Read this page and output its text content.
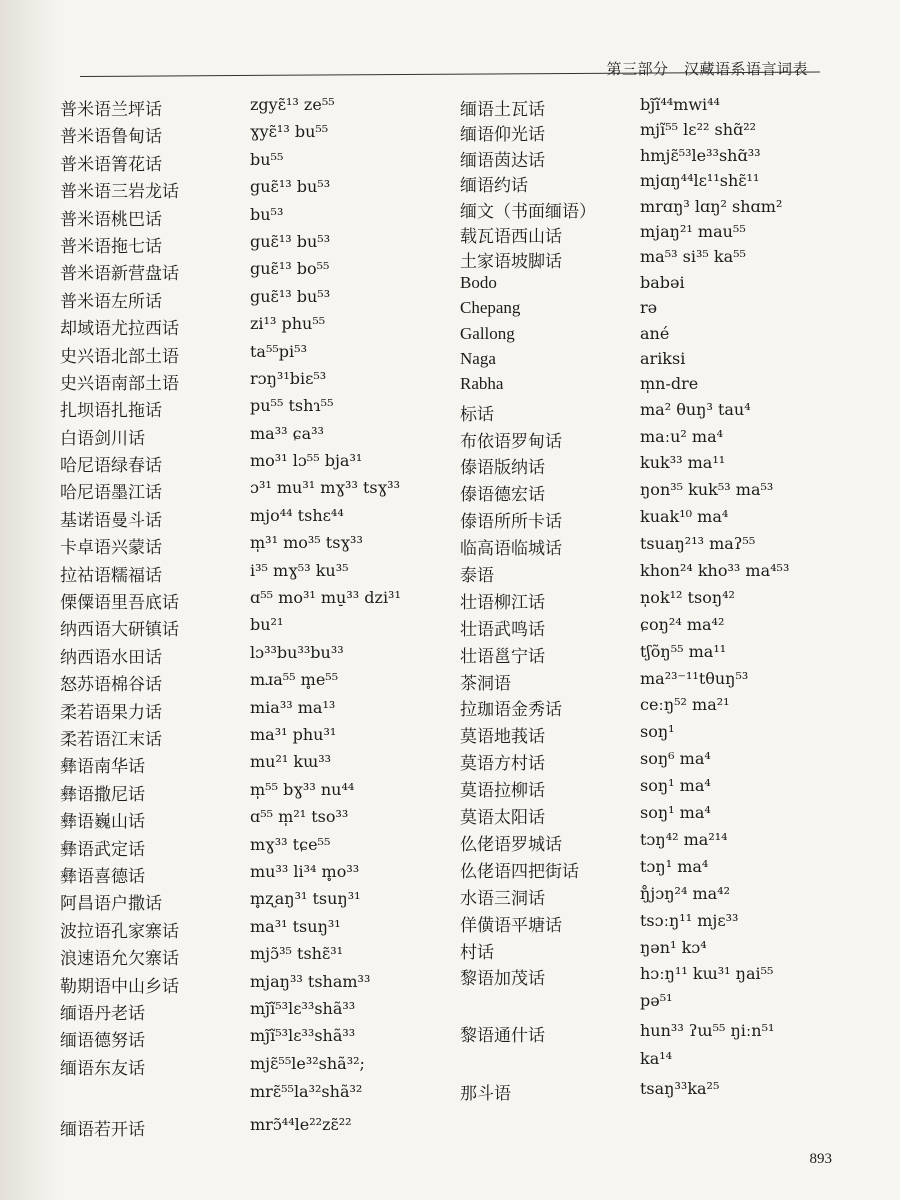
第三部分　汉藏语系语言词表
普米语兰坪话	zgyɛ̃¹³ ze⁵⁵
普米语鲁甸话	ɣyɛ̃¹³ bu⁵⁵
普米语箐花话	bu⁵⁵
普米语三岩龙话	guɛ̃¹³ bu⁵³
普米语桃巴话	bu⁵³
普米语拖七话	guɛ̃¹³ bu⁵³
普米语新营盘话	guɛ̃¹³ bo⁵⁵
普米语左所话	guɛ̃¹³ bu⁵³
却域语尤拉西话	zi¹³ phu⁵⁵
史兴语北部土语	ta⁵⁵pi⁵³
史兴语南部土语	rɔŋ³¹biɛ⁵³
扎坝语扎拖话	pu⁵⁵ tshɿ⁵⁵
白语剑川话	ma³³ ɕa³³
哈尼语绿春话	mo³¹ lɔ⁵⁵ bja³¹
哈尼语墨江话	ɔ³¹ mu³¹ mɣ³³ tsɣ³³
基诺语曼斗话	mjo⁴⁴ tshɛ⁴⁴
卡卓语兴蒙话	m̩³¹ mo³⁵ tsɣ³³
拉祜语糯福话	i³⁵ mɣ⁵³ ku³⁵
傈僳语里吾底话	ɑ⁵⁵ mo³¹ mu̠³³ dzi³¹
纳西语大研镇话	bu²¹
纳西语水田话	lɔ³³bu³³bu³³
怒苏语棉谷话	mɹa⁵⁵ m̥e⁵⁵
柔若语果力话	mia³³ ma¹³
柔若语江末话	ma³¹ phu³¹
彝语南华话	mu²¹ kɯ³³
彝语撒尼话	m̩⁵⁵ bɣ³³ nu⁴⁴
彝语巍山话	ɑ⁵⁵ m̩²¹ tso³³
彝语武定话	mɣ³³ tɕe⁵⁵
彝语喜德话	mu³³ li³⁴ m̥o³³
阿昌语户撒话	m̥ʐaŋ³¹ tsuŋ³¹
波拉语孔家寨话	ma³¹ tsuŋ³¹
浪速语允欠寨话	mjɔ̃³⁵ tshɛ̃³¹
勒期语中山乡话	mjaŋ³³ tsham³³
缅语丹老话	mj̃ĩ⁵³lɛ³³shã³³
缅语德努话	mj̃ĩ⁵³lɛ³³shã³³
缅语东友话	mjɛ̃⁵⁵le³²shã³²;
mrɛ̃⁵⁵la³²shã³²
缅语若开话	mrɔ̃⁴⁴le²²zɛ̃²²
缅语土瓦话	bj̃ĩ⁴⁴mwi⁴⁴
缅语仰光话	mjĩ⁵⁵ lɛ²² shɑ̃²²
缅语茵达话	hmjɛ̃⁵³le³³shɑ̃³³
缅语约话	mjɑŋ⁴⁴lɛ¹¹shɛ̃¹¹
缅文（书面缅语）	mrɑŋ³ lɑŋ² shɑm²
载瓦语西山话	mjaŋ²¹ mau⁵⁵
土家语坡脚话	ma⁵³ si³⁵ ka⁵⁵
Bodo	babəi
Chepang	rə
Gallong	ané
Naga	ariksi
Rabha	m̩n-dre
标话	ma² θuŋ³ tau⁴
布依语罗甸话	maːu² ma⁴
傣语版纳话	kuk³³ ma¹¹
傣语德宏话	ŋon³⁵ kuk⁵³ ma⁵³
傣语所所卡话	kuak¹⁰ ma⁴
临高语临城话	tsuaŋ²¹³ maʔ⁵⁵
泰语	khon²⁴ kho³³ ma⁴⁵³
壮语柳江话	n̩ok¹² tsoŋ⁴²
壮语武鸣话	ɕoŋ²⁴ ma⁴²
壮语邕宁话	tʃõŋ⁵⁵ ma¹¹
茶洞语	ma²³⁻¹¹tθuŋ⁵³
拉珈语金秀话	ceːŋ⁵² ma²¹
莫语地莪话	soŋ¹
莫语方村话	soŋ⁶ ma⁴
莫语拉柳话	soŋ¹ ma⁴
莫语太阳话	soŋ¹ ma⁴
仫佬语罗城话	tɔŋ⁴² ma²¹⁴
仫佬语四把街话	tɔŋ¹ ma⁴
水语三洞话	ŋ̊jɔŋ²⁴ ma⁴²
佯僙语平塘话	tsɔːŋ¹¹ mjɛ³³
村话	ŋən¹ kɔ⁴
黎语加茂话	hɔːŋ¹¹ kɯ³¹ ŋai⁵⁵
pə⁵¹
黎语通什话	hun³³ ʔɯ⁵⁵ ŋiːn⁵¹
ka¹⁴
那斗语	tsaŋ³³ka²⁵
893
